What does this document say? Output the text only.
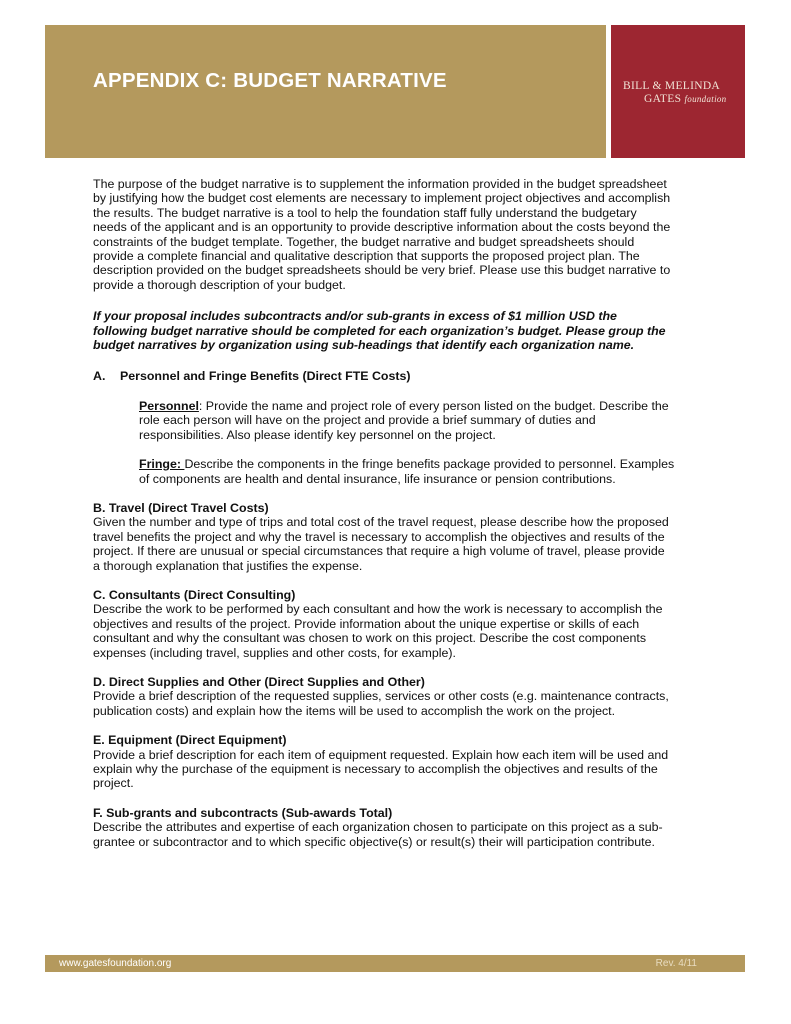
APPENDIX C: BUDGET NARRATIVE	BILL & MELINDA
GATES foundation

The purpose of the budget narrative is to supplement the information provided in the budget spreadsheet
by justifying how the budget cost elements are necessary to implement project objectives and accomplish
the results. The budget narrative is a tool to help the foundation staff fully understand the budgetary
needs of the applicant and is an opportunity to provide descriptive information about the costs beyond the
constraints of the budget template. Together, the budget narrative and budget spreadsheets should
provide a complete financial and qualitative description that supports the proposed project plan. The
description provided on the budget spreadsheets should be very brief. Please use this budget narrative to
provide a thorough description of your budget.

If your proposal includes subcontracts and/or sub-grants in excess of $1 million USD the
following budget narrative should be completed for each organization’s budget. Please group the
budget narratives by organization using sub-headings that identify each organization name.

A. Personnel and Fringe Benefits (Direct FTE Costs)

Personnel: Provide the name and project role of every person listed on the budget. Describe the
role each person will have on the project and provide a brief summary of duties and
responsibilities. Also please identify key personnel on the project.

Fringe: Describe the components in the fringe benefits package provided to personnel. Examples
of components are health and dental insurance, life insurance or pension contributions.

B. Travel (Direct Travel Costs)

Given the number and type of trips and total cost of the travel request, please describe how the proposed
travel benefits the project and why the travel is necessary to accomplish the objectives and results of the
project. If there are unusual or special circumstances that require a high volume of travel, please provide
a thorough explanation that justifies the expense.

C. Consultants (Direct Consulting)

Describe the work to be performed by each consultant and how the work is necessary to accomplish the
objectives and results of the project. Provide information about the unique expertise or skills of each
consultant and why the consultant was chosen to work on this project. Describe the cost components
expenses (including travel, supplies and other costs, for example).

D. Direct Supplies and Other (Direct Supplies and Other)

Provide a brief description of the requested supplies, services or other costs (e.g. maintenance contracts,
publication costs) and explain how the items will be used to accomplish the work on the project.

E. Equipment (Direct Equipment)

Provide a brief description for each item of equipment requested. Explain how each item will be used and
explain why the purchase of the equipment is necessary to accomplish the objectives and results of the
project.

F. Sub-grants and subcontracts (Sub-awards Total)

Describe the attributes and expertise of each organization chosen to participate on this project as a sub-
grantee or subcontractor and to which specific objective(s) or result(s) their will participation contribute.

www.gatesfoundation.org	Rev. 4/11
